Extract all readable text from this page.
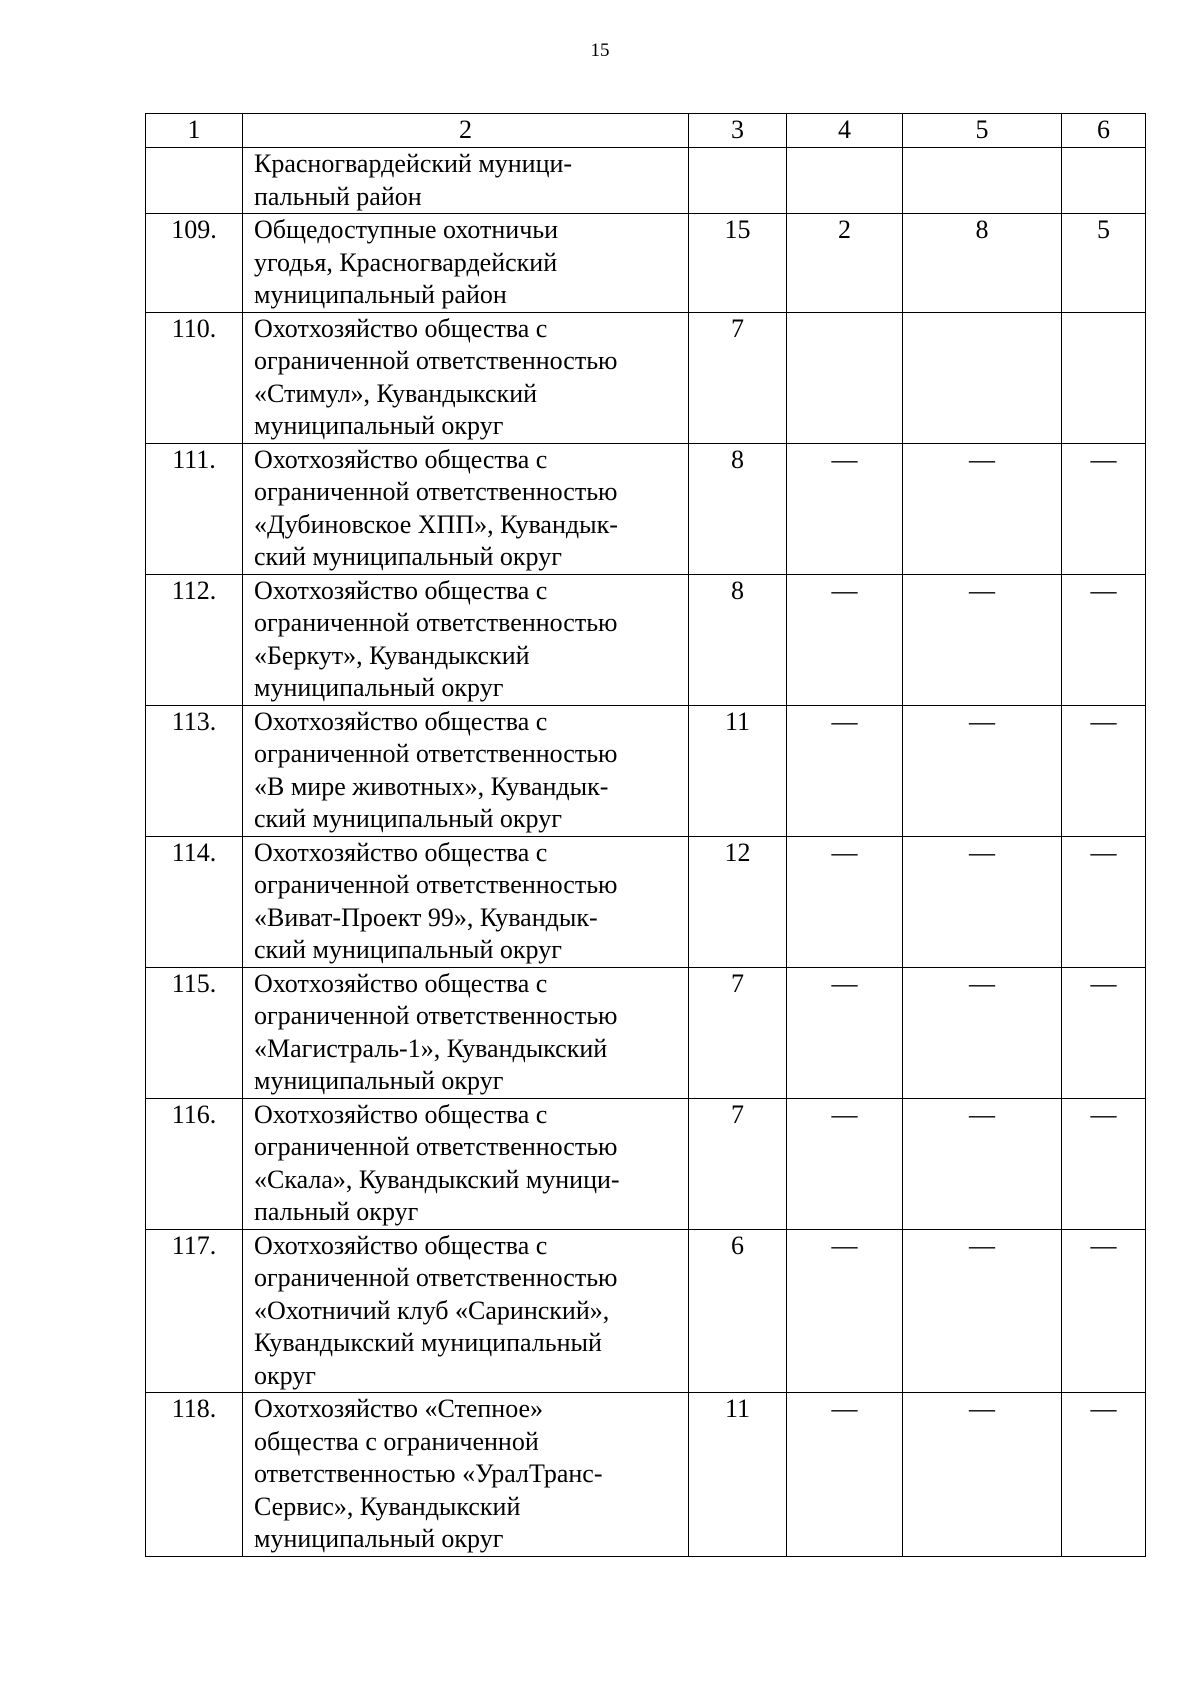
15
1	2	3	4	5	6

	Красногвардейский муници-
пальный район				

109.	Общедоступные охотничьи
угодья, Красногвардейский
муниципальный район	15	2	8	5
110.	Охотхозяйство общества с
ограниченной ответственностью
«Стимул», Кувандыкский
муниципальный округ	7			
111.	Охотхозяйство общества с
ограниченной ответственностью
«Дубиновское ХПП», Кувандык-
ский муниципальный округ	8	—	—	—
112.	Охотхозяйство общества с
ограниченной ответственностью
«Беркут», Кувандыкский
муниципальный округ	8	—	—	—
113.	Охотхозяйство общества с
ограниченной ответственностью
«В мире животных», Кувандык-
ский муниципальный округ	11	—	—	—
114.	Охотхозяйство общества с
ограниченной ответственностью
«Виват-Проект 99», Кувандык-
ский муниципальный округ	12	—	—	—
115.	Охотхозяйство общества с
ограниченной ответственностью
«Магистраль-1», Кувандыкский
муниципальный округ	7	—	—	—
116.	Охотхозяйство общества с
ограниченной ответственностью
«Скала», Кувандыкский муници-
пальный округ	7	—	—	—
117.	Охотхозяйство общества с
ограниченной ответственностью
«Охотничий клуб «Саринский»,
Кувандыкский муниципальный
округ	6	—	—	—
118.	Охотхозяйство «Степное»
общества с ограниченной
ответственностью «УралТранс-
Сервис», Кувандыкский
муниципальный округ	11	—	—	—
